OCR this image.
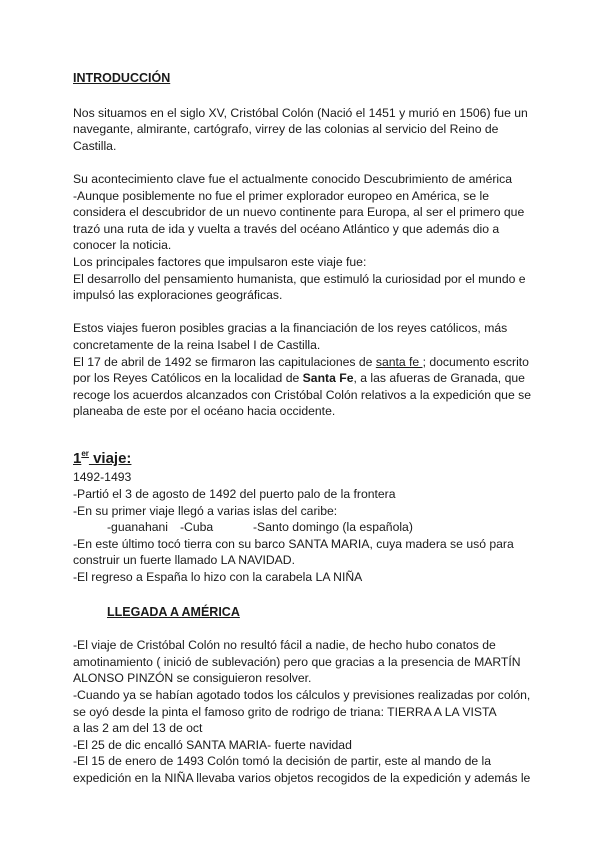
INTRODUCCIÓN
Nos situamos en el siglo XV, Cristóbal Colón (Nació el 1451 y murió en 1506) fue un
navegante, almirante, cartógrafo, virrey de las colonias al servicio del Reino de
Castilla.
Su acontecimiento clave fue el actualmente conocido Descubrimiento de américa
-Aunque posiblemente no fue el primer explorador europeo en América, se le
considera el descubridor de un nuevo continente para Europa, al ser el primero que
trazó una ruta de ida y vuelta a través del océano Atlántico y que además dio a
conocer la noticia.
Los principales factores que impulsaron este viaje fue:
El desarrollo del pensamiento humanista, que estimuló la curiosidad por el mundo e
impulsó las exploraciones geográficas.
Estos viajes fueron posibles gracias a la financiación de los reyes católicos, más
concretamente de la reina Isabel I de Castilla.
El 17 de abril de 1492 se firmaron las capitulaciones de santa fe ; documento escrito
por los Reyes Católicos en la localidad de Santa Fe, a las afueras de Granada, que
recoge los acuerdos alcanzados con Cristóbal Colón relativos a la expedición que se
planeaba de este por el océano hacia occidente.
1er viaje:
1492-1493
-Partió el 3 de agosto de 1492 del puerto palo de la frontera
-En su primer viaje llegó a varias islas del caribe:
-guanahani -Cuba	-Santo domingo (la española)
-En este último tocó tierra con su barco SANTA MARIA, cuya madera se usó para
construir un fuerte llamado LA NAVIDAD.
-El regreso a España lo hizo con la carabela LA NIÑA
LLEGADA A AMÉRICA
-El viaje de Cristóbal Colón no resultó fácil a nadie, de hecho hubo conatos de
amotinamiento ( inició de sublevación) pero que gracias a la presencia de MARTÍN
ALONSO PINZÓN se consiguieron resolver.
-Cuando ya se habían agotado todos los cálculos y previsiones realizadas por colón,
se oyó desde la pinta el famoso grito de rodrigo de triana: TIERRA A LA VISTA
a las 2 am del 13 de oct
-El 25 de dic encalló SANTA MARIA- fuerte navidad
-El 15 de enero de 1493 Colón tomó la decisión de partir, este al mando de la
expedición en la NIÑA llevaba varios objetos recogidos de la expedición y además le
